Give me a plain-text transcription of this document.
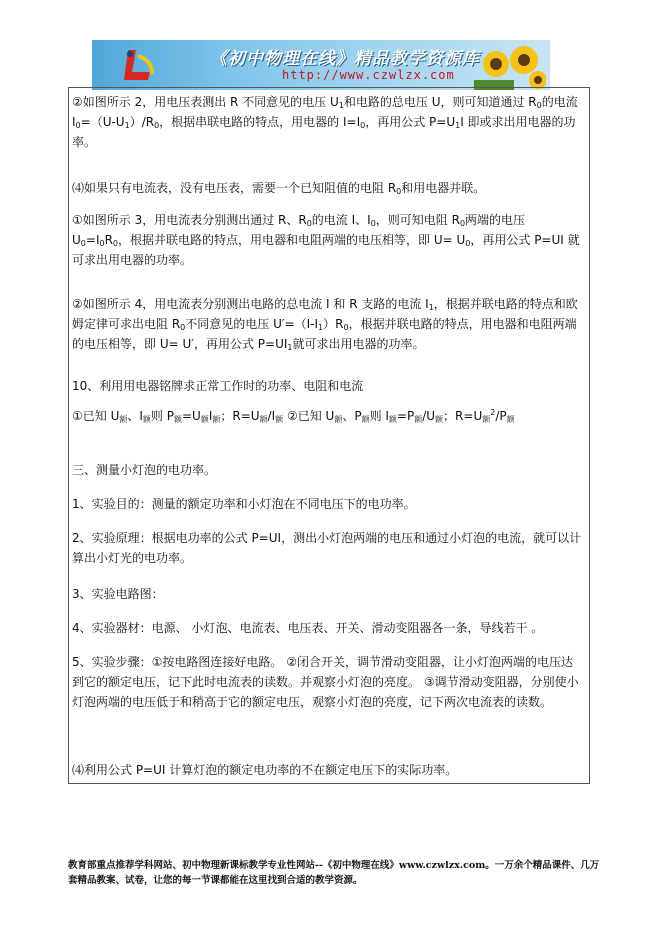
《初中物理在线》精品教学资源库
http://www.czwlzx.com

②如图所示 2，用电压表测出 R 不同意见的电压 $U_1$和电路的总电压 U，则可知道通过 $R_0$的电流 $I_0=(U-U_1)/R_0$，根据串联电路的特点，用电器的 $I=I_0$，再用公式 $P=U_1I$ 即或求出用电器的功率。

⑷如果只有电流表，没有电压表，需要一个已知阻值的电阻 $R_0$和用电器并联。

①如图所示 3，用电流表分别测出通过 R、$R_0$的电流 I、$I_0$，则可知电阻 $R_0$两端的电压 $U_0=I_0R_0$，根据并联电路的特点，用电器和电阻两端的电压相等，即 $U= U_0$，再用公式 P=UI 就可求出用电器的功率。

②如图所示 4，用电流表分别测出电路的总电流 I 和 R 支路的电流 $I_1$，根据并联电路的特点和欧姆定律可求出电阻 $R_0$不同意见的电压 $U'=(I-I_1)R_0$，根据并联电路的特点，用电器和电阻两端的电压相等，即 U= U′，再用公式 $P=UI_1$就可求出用电器的功率。

10、利用用电器铭牌求正常工作时的功率、电阻和电流

①已知 $U_额$、$I_额$则 $P_额=U_额I_额$；$R=U_额/I_额$ ②已知 $U_额$、$P_额$则 $I_额=P_额/U_额$；$R=U_额^2/P_额$

三、测量小灯泡的电功率。

1、实验目的：测量的额定功率和小灯泡在不同电压下的电功率。

2、实验原理：根据电功率的公式 P=UI，测出小灯泡两端的电压和通过小灯泡的电流，就可以计算出小灯光的电功率。

3、实验电路图：

4、实验器材：电源、 小灯泡、电流表、电压表、开关、滑动变阻器各一条，导线若干 。

5、实验步骤：①按电路图连接好电路。 ②闭合开关，调节滑动变阻器，让小灯泡两端的电压达到它的额定电压，记下此时电流表的读数。并观察小灯泡的亮度。 ③调节滑动变阻器，分别使小灯泡两端的电压低于和稍高于它的额定电压，观察小灯泡的亮度，记下两次电流表的读数。

⑷利用公式 P=UI 计算灯泡的额定电功率的不在额定电压下的实际功率。

教育部重点推荐学科网站、初中物理新课标教学专业性网站--《初中物理在线》www.czwlzx.com。一万余个精品课件、几万套精品教案、试卷，让您的每一节课都能在这里找到合适的教学资源。
